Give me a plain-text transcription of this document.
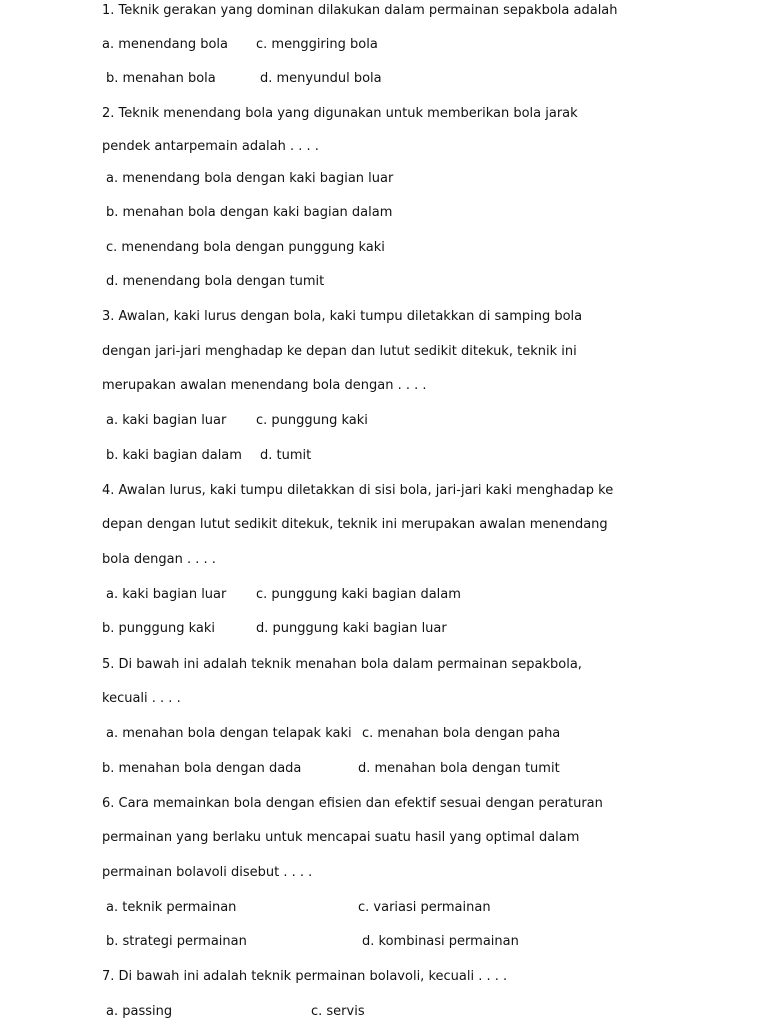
1. Teknik gerakan yang dominan dilakukan dalam permainan sepakbola adalah
a. menendang bola c. menggiring bola
b. menahan bola	d. menyundul bola
2. Teknik menendang bola yang digunakan untuk memberikan bola jarak
pendek antarpemain adalah . . . .
a. menendang bola dengan kaki bagian luar
b. menahan bola dengan kaki bagian dalam
c. menendang bola dengan punggung kaki
d. menendang bola dengan tumit
3. Awalan, kaki lurus dengan bola, kaki tumpu diletakkan di samping bola
dengan jari-jari menghadap ke depan dan lutut sedikit ditekuk, teknik ini
merupakan awalan menendang bola dengan . . . .
a. kaki bagian luar c. punggung kaki
b. kaki bagian dalam d. tumit
4. Awalan lurus, kaki tumpu diletakkan di sisi bola, jari-jari kaki menghadap ke
depan dengan lutut sedikit ditekuk, teknik ini merupakan awalan menendang
bola dengan . . . .
a. kaki bagian luar c. punggung kaki bagian dalam
b. punggung kaki	d. punggung kaki bagian luar
5. Di bawah ini adalah teknik menahan bola dalam permainan sepakbola,
kecuali . . . .
a. menahan bola dengan telapak kaki c. menahan bola dengan paha
b. menahan bola dengan dada	d. menahan bola dengan tumit
6. Cara memainkan bola dengan efisien dan efektif sesuai dengan peraturan
permainan yang berlaku untuk mencapai suatu hasil yang optimal dalam
permainan bolavoli disebut . . . .
a. teknik permainan	c. variasi permainan
b. strategi permainan	d. kombinasi permainan
7. Di bawah ini adalah teknik permainan bolavoli, kecuali . . . .
a. passing	c. servis
